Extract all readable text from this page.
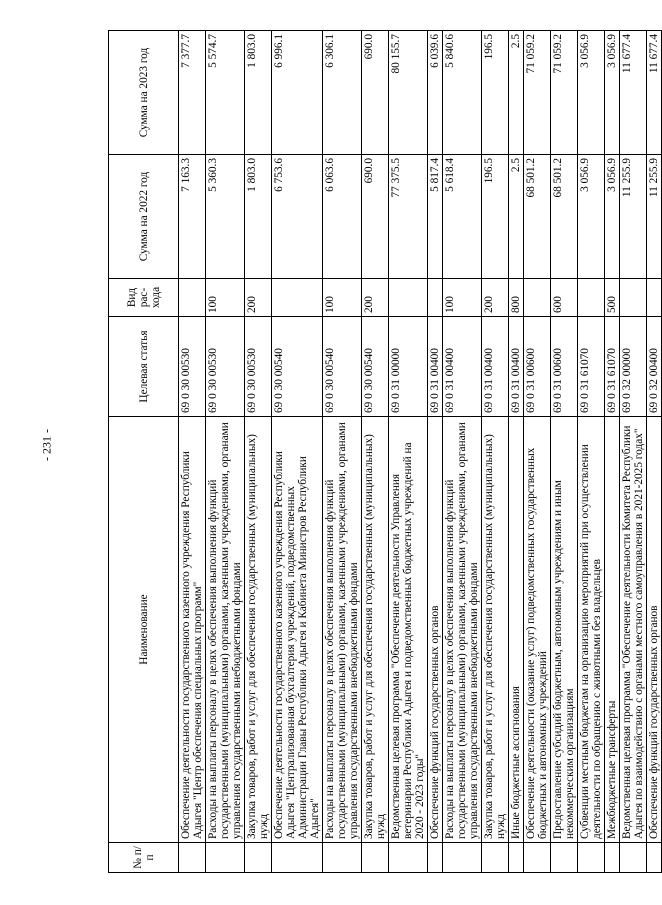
- 231 -
№ п/п	Наименование	Целевая статья	Вид рас- хода	Сумма на 2022 год	Сумма на 2023 год
	Обеспечение деятельности государственного казенного учреждения Республики Адыгея "Центр обеспечения специальных программ"	69 0 30 00530		7 163.3	7 377.7
	Расходы на выплаты персоналу в целях обеспечения выполнения функций государственными (муниципальными) органами, казенными учреждениями, органами управления государственными внебюджетными фондами	69 0 30 00530	100	5 360.3	5 574.7
	Закупка товаров, работ и услуг для обеспечения государственных (муниципальных) нужд	69 0 30 00530	200	1 803.0	1 803.0
	Обеспечение деятельности государственного казенного учреждения Республики Адыгея "Централизованная бухгалтерия учреждений, подведомственных Администрации Главы Республики Адыгея и Кабинета Министров Республики Адыгея"	69 0 30 00540		6 753.6	6 996.1
	Расходы на выплаты персоналу в целях обеспечения выполнения функций государственными (муниципальными) органами, казенными учреждениями, органами управления государственными внебюджетными фондами	69 0 30 00540	100	6 063.6	6 306.1
	Закупка товаров, работ и услуг для обеспечения государственных (муниципальных) нужд	69 0 30 00540	200	690.0	690.0
	Ведомственная целевая программа "Обеспечение деятельности Управления ветеринарии Республики Адыгея и подведомственных бюджетных учреждений на 2020 - 2023 годы"	69 0 31 00000		77 375.5	80 155.7
	Обеспечение функций государственных органов	69 0 31 00400		5 817.4	6 039.6
	Расходы на выплаты персоналу в целях обеспечения выполнения функций государственными (муниципальными) органами, казенными учреждениями, органами управления государственными внебюджетными фондами	69 0 31 00400	100	5 618.4	5 840.6
	Закупка товаров, работ и услуг для обеспечения государственных (муниципальных) нужд	69 0 31 00400	200	196.5	196.5
	Иные бюджетные ассигнования	69 0 31 00400	800	2.5	2.5
	Обеспечение деятельности (оказание услуг) подведомственных государственных бюджетных и автономных учреждений	69 0 31 00600		68 501.2	71 059.2
	Предоставление субсидий бюджетным, автономным учреждениям и иным некоммерческим организациям	69 0 31 00600	600	68 501.2	71 059.2
	Субвенции местным бюджетам на организацию мероприятий при осуществлении деятельности по обращению с животными без владельцев	69 0 31 61070		3 056.9	3 056.9
	Межбюджетные трансферты	69 0 31 61070	500	3 056.9	3 056.9
	Ведомственная целевая программа "Обеспечение деятельности Комитета Республики Адыгея по взаимодействию с органами местного самоуправления в 2021-2025 годах"	69 0 32 00000		11 255.9	11 677.4
	Обеспечение функций государственных органов	69 0 32 00400		11 255.9	11 677.4
